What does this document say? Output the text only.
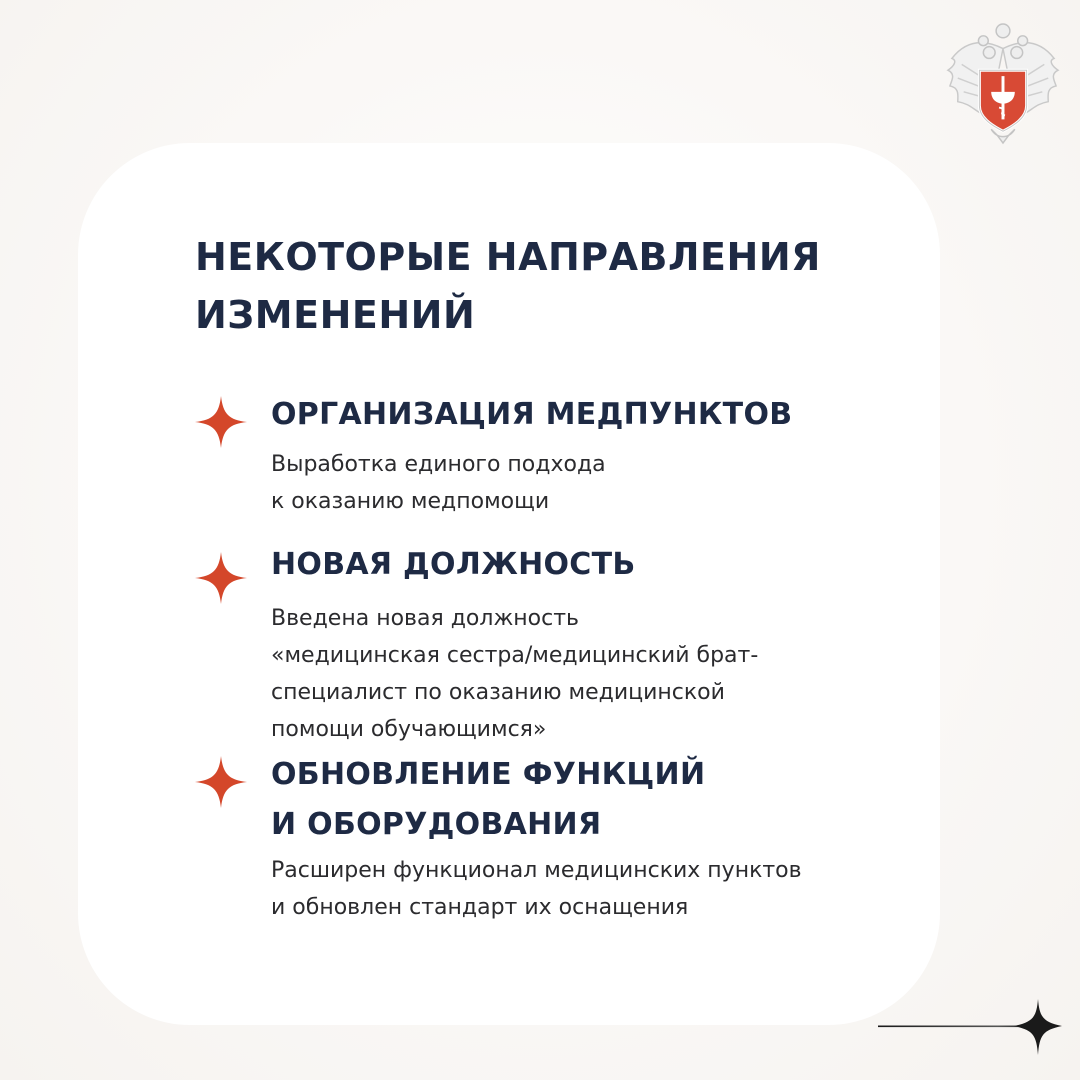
НЕКОТОРЫЕ НАПРАВЛЕНИЯ
ИЗМЕНЕНИЙ
ОРГАНИЗАЦИЯ МЕДПУНКТОВ

Выработка единого подхода
к оказанию медпомощи

НОВАЯ ДОЛЖНОСТЬ

Введена новая должность
«медицинская сестра/медицинский брат-
специалист по оказанию медицинской
помощи обучающимся»

ОБНОВЛЕНИЕ ФУНКЦИЙ
И ОБОРУДОВАНИЯ

Расширен функционал медицинских пунктов
и обновлен стандарт их оснащения
